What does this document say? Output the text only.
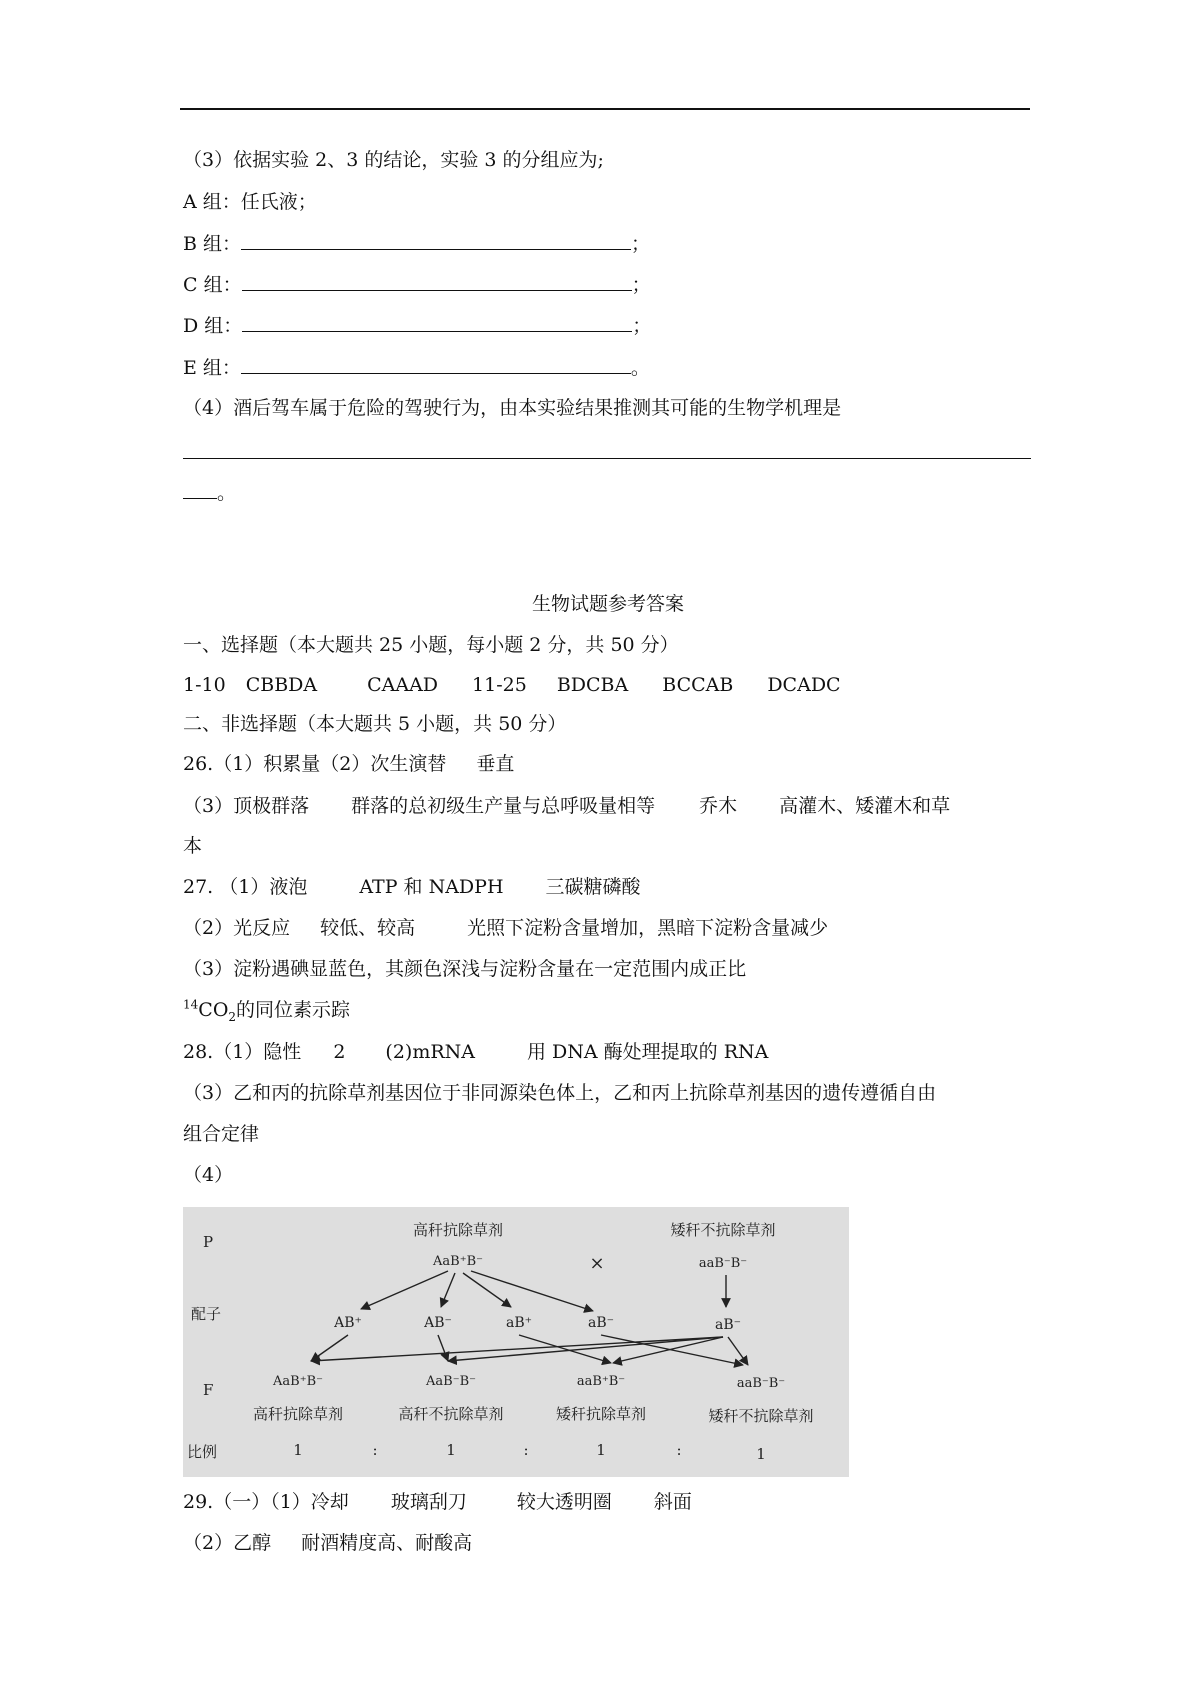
（3）依据实验 2、3 的结论，实验 3 的分组应为;
A 组：任氏液；
B 组：	；
C 组：	；
D 组：	；
E 组：	。
（4）酒后驾车属于危险的驾驶行为，由本实验结果推测其可能的生物学机理是
。
生物试题参考答案
一、选择题（本大题共 25 小题，每小题 2 分，共 50 分）
1-10 CBBDA	CAAAD 11-25 BDCBA BCCAB DCADC
二、非选择题（本大题共 5 小题，共 50 分）
26.（1）积累量（2）次生演替 垂直
（3）顶极群落 群落的总初级生产量与总呼吸量相等 乔木 高灌木、矮灌木和草
本
27. （1）液泡	ATP 和 NADPH 三碳糖磷酸
（2）光反应 较低、较高	光照下淀粉含量增加，黑暗下淀粉含量减少
（3）淀粉遇碘显蓝色，其颜色深浅与淀粉含量在一定范围内成正比
$^{14}CO_2$的同位素示踪
28.（1）隐性 2 (2)mRNA	用 DNA 酶处理提取的 RNA
（3）乙和丙的抗除草剂基因位于非同源染色体上，乙和丙上抗除草剂基因的遗传遵循自由
组合定律
（4）
29.（一）（1）冷却 玻璃刮刀	较大透明圈 斜面
（2）乙醇 耐酒精度高、耐酸高
P
配子
F
比例
高秆抗除草剂
AaB⁺B⁻	×
矮秆不抗除草剂
aaB⁻B⁻
AB⁺	AB⁻	aB⁺	aB⁻	aB⁻
AaB⁺B⁻	AaB⁻B⁻	aaB⁺B⁻	aaB⁻B⁻
高秆抗除草剂	高秆不抗除草剂	矮秆抗除草剂	矮秆不抗除草剂
1	:	1	:	1	:	1
